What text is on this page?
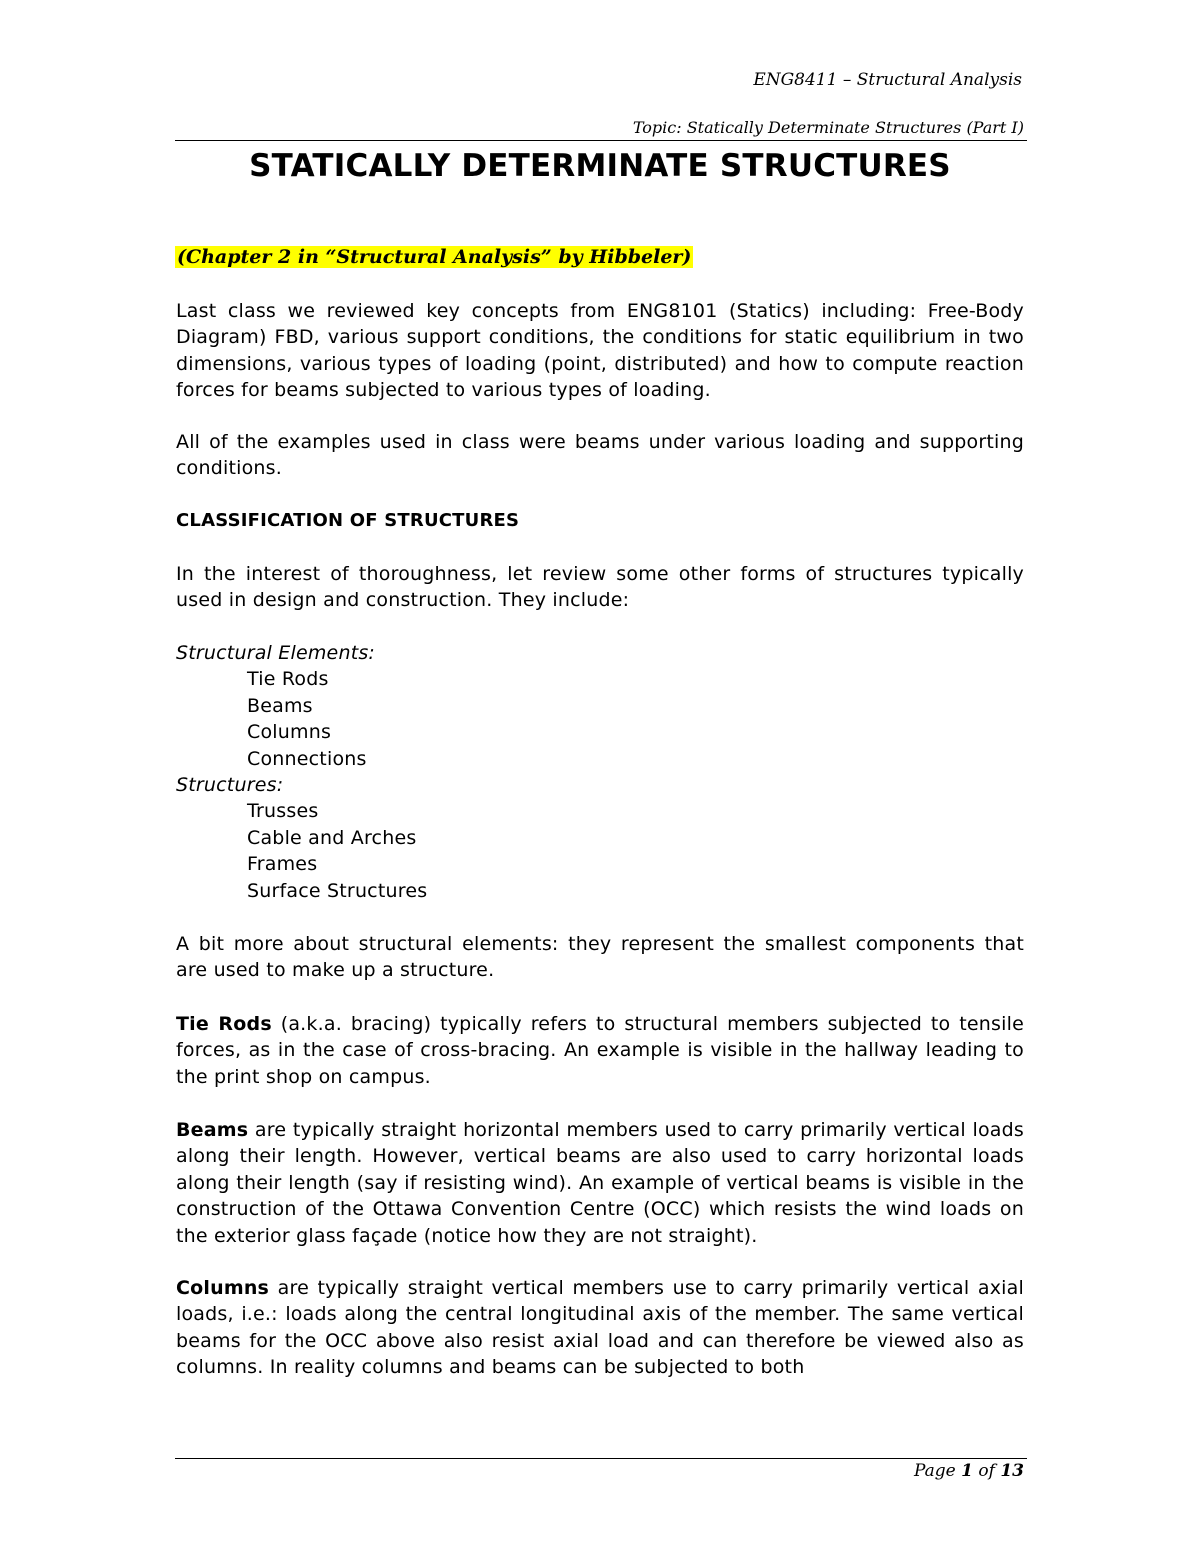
ENG8411 – Structural Analysis
Topic: Statically Determinate Structures (Part I)
STATICALLY DETERMINATE STRUCTURES
(Chapter 2 in “Structural Analysis” by Hibbeler)
Last class we reviewed key concepts from ENG8101 (Statics) including: Free-Body Diagram) FBD, various support conditions, the conditions for static equilibrium in two dimensions, various types of loading (point, distributed) and how to compute reaction forces for beams subjected to various types of loading.
All of the examples used in class were beams under various loading and supporting conditions.
CLASSIFICATION OF STRUCTURES
In the interest of thoroughness, let review some other forms of structures typically used in design and construction. They include:
Structural Elements:
Tie Rods
Beams
Columns
Connections
Structures:
Trusses
Cable and Arches
Frames
Surface Structures
A bit more about structural elements: they represent the smallest components that are used to make up a structure.
Tie Rods (a.k.a. bracing) typically refers to structural members subjected to tensile forces, as in the case of cross-bracing. An example is visible in the hallway leading to the print shop on campus.
Beams are typically straight horizontal members used to carry primarily vertical loads along their length. However, vertical beams are also used to carry horizontal loads along their length (say if resisting wind). An example of vertical beams is visible in the construction of the Ottawa Convention Centre (OCC) which resists the wind loads on the exterior glass façade (notice how they are not straight).
Columns are typically straight vertical members use to carry primarily vertical axial loads, i.e.: loads along the central longitudinal axis of the member. The same vertical beams for the OCC above also resist axial load and can therefore be viewed also as columns. In reality columns and beams can be subjected to both
Page 1 of 13
